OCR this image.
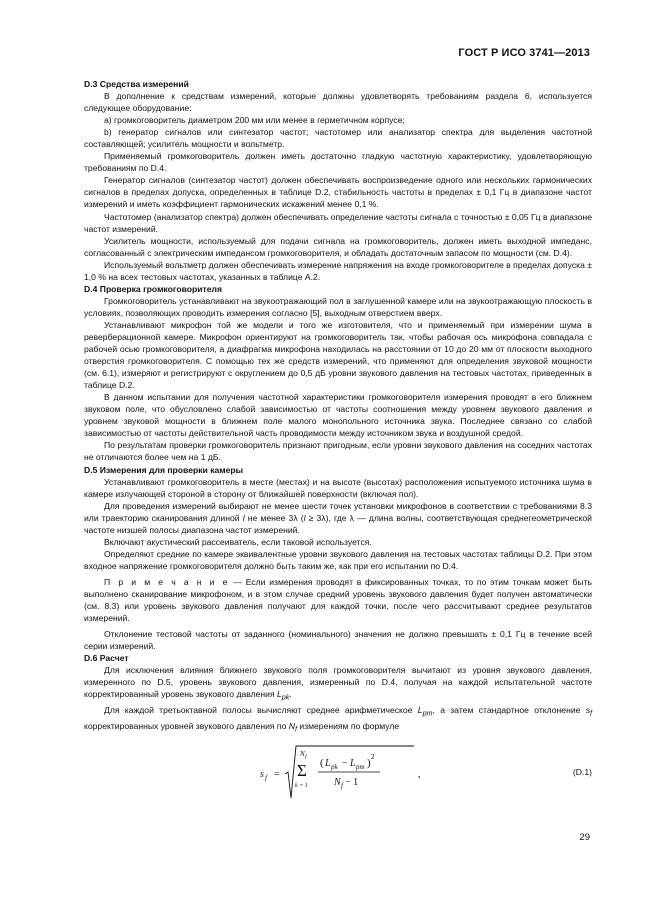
ГОСТ Р ИСО 3741—2013

D.3 Средства измерений

В дополнение к средствам измерений, которые должны удовлетворять требованиям раздела 6, используется следующее оборудование:

a) громкоговоритель диаметром 200 мм или менее в герметичном корпусе;

b) генератор сигналов или синтезатор частот; частотомер или анализатор спектра для выделения частотной составляющей; усилитель мощности и вольтметр.

Применяемый громкоговоритель должен иметь достаточно гладкую частотную характеристику, удовлетворяющую требованиям по D.4.

Генератор сигналов (синтезатор частот) должен обеспечивать воспроизведение одного или нескольких гармонических сигналов в пределах допуска, определенных в таблице D.2, стабильность частоты в пределах ± 0,1 Гц в диапазоне частот измерений и иметь коэффициент гармонических искажений менее 0,1 %.

Частотомер (анализатор спектра) должен обеспечивать определение частоты сигнала с точностью ± 0,05 Гц в диапазоне частот измерений.

Усилитель мощности, используемый для подачи сигнала на громкоговоритель, должен иметь выходной импеданс, согласованный с электрическим импедансом громкоговорителя, и обладать достаточным запасом по мощности (см. D.4).

Используемый вольтметр должен обеспечивать измерение напряжения на входе громкоговорителе в пределах допуска ± 1,0 % на всех тестовых частотах, указанных в таблице A.2.

D.4 Проверка громкоговорителя

Громкоговоритель устанавливают на звукоотражающий пол в заглушенной камере или на звукоотражающую плоскость в условиях, позволяющих проводить измерения согласно [5], выходным отверстием вверх.

Устанавливают микрофон той же модели и того же изготовителя, что и применяемый при измерении шума в реверберационной камере. Микрофон ориентируют на громкоговоритель так, чтобы рабочая ось микрофона совпадала с рабочей осью громкоговорителя, а диафрагма микрофона находилась на расстоянии от 10 до 20 мм от плоскости выходного отверстия громкоговорителя. С помощью тех же средств измерений, что применяют для определения звуковой мощности (см. 6.1), измеряют и регистрируют с округлением до 0,5 дБ уровни звукового давления на тестовых частотах, приведенных в таблице D.2.

В данном испытании для получения частотной характеристики громкоговорителя измерения проводят в его ближнем звуковом поле, что обусловлено слабой зависимостью от частоты соотношения между уровнем звукового давления и уровнем звуковой мощности в ближнем поле малого монопольного источника звука. Последнее связано со слабой зависимостью от частоты действительной часть проводимости между источником звука и воздушной средой.

По результатам проверки громкоговоритель признают пригодным, если уровни звукового давления на соседних частотах не отличаются более чем на 1 дБ.

D.5 Измерения для проверки камеры

Устанавливают громкоговоритель в месте (местах) и на высоте (высотах) расположения испытуемого источника шума в камере излучающей стороной в сторону от ближайшей поверхности (включая пол).

Для проведения измерений выбирают не менее шести точек установки микрофонов в соответствии с требованиями 8.3 или траекторию сканирования длиной l не менее 3λ (l ≥ 3λ), где λ — длина волны, соответствующая среднегеометрической частоте низшей полосы диапазона частот измерений.

Включают акустический рассеиватель, если таковой используется.

Определяют средние по камере эквивалентные уровни звукового давления на тестовых частотах таблицы D.2. При этом входное напряжение громкоговорителя должно быть таким же, как при его испытании по D.4.

П р и м е ч а н и е — Если измерения проводят в фиксированных точках, то по этим точкам может быть выполнено сканирование микрофоном, и в этом случае средний уровень звукового давления будет получен автоматически (см. 8.3) или уровень звукового давления получают для каждой точки, после чего рассчитывают среднее результатов измерений.

Отклонение тестовой частоты от заданного (номинального) значения не должно превышать ± 0,1 Гц в течение всей серии измерений.

D.6 Расчет

Для исключения влияния ближнего звукового поля громкоговорителя вычитают из уровня звукового давления, измеренного по D.5, уровень звукового давления, измеренный по D.4, получая на каждой испытательной частоте корректированный уровень звукового давления $L_{pk}$.

Для каждой третьоктавной полосы вычисляют среднее арифметическое $L_{pm}$, а затем стандартное отклонение $s_f$ корректированных уровней звукового давления по $N_f$ измерениям по формуле

s f =
N f
Σ
k = 1
( L pk − L pm ) 2
N f − 1
,	(D.1)
29
